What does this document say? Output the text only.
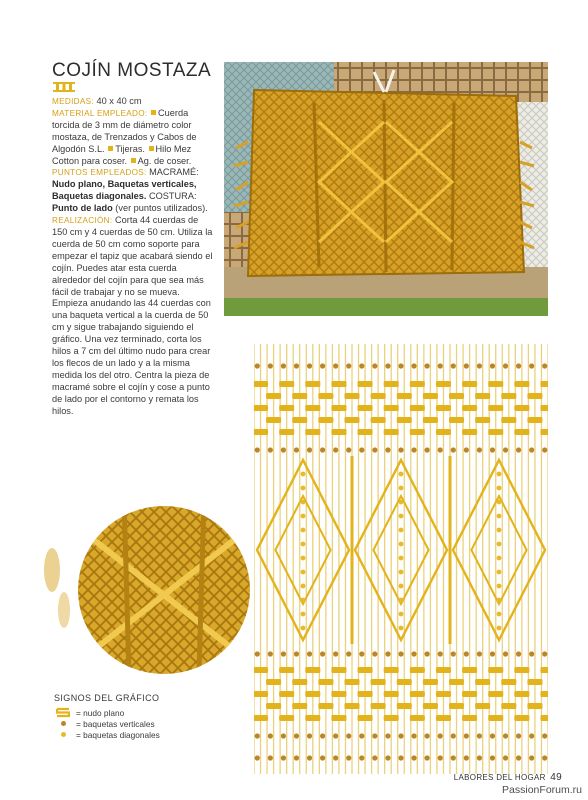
COJÍN MOSTAZA

MEDIDAS: 40 x 40 cm

MATERIAL EMPLEADO: Cuerda torcida de 3 mm de diámetro color mostaza, de Trenzados y Cabos de Algodón S.L. Tijeras. Hilo Mez Cotton para coser. Ag. de coser.

PUNTOS EMPLEADOS: MACRAMÉ: Nudo plano, Baquetas verticales, Baquetas diagonales. COSTURA: Punto de lado (ver puntos utilizados).

REALIZACIÓN: Corta 44 cuerdas de 150 cm y 4 cuerdas de 50 cm. Utiliza la cuerda de 50 cm como soporte para empezar el tapiz que acabará siendo el cojín. Puedes atar esta cuerda alrededor del cojín para que sea más fácil de trabajar y no se mueva. Empieza anudando las 44 cuerdas con una baqueta vertical a la cuerda de 50 cm y sigue trabajando siguiendo el gráfico. Una vez terminado, corta los hilos a 7 cm del último nudo para crear los flecos de un lado y a la misma medida los del otro. Centra la pieza de macramé sobre el cojín y cose a punto de lado por el contorno y remata los hilos.

SIGNOS DEL GRÁFICO
= nudo plano
= baquetas verticales
= baquetas diagonales
LABORES DEL HOGAR 49
PassionForum.ru
